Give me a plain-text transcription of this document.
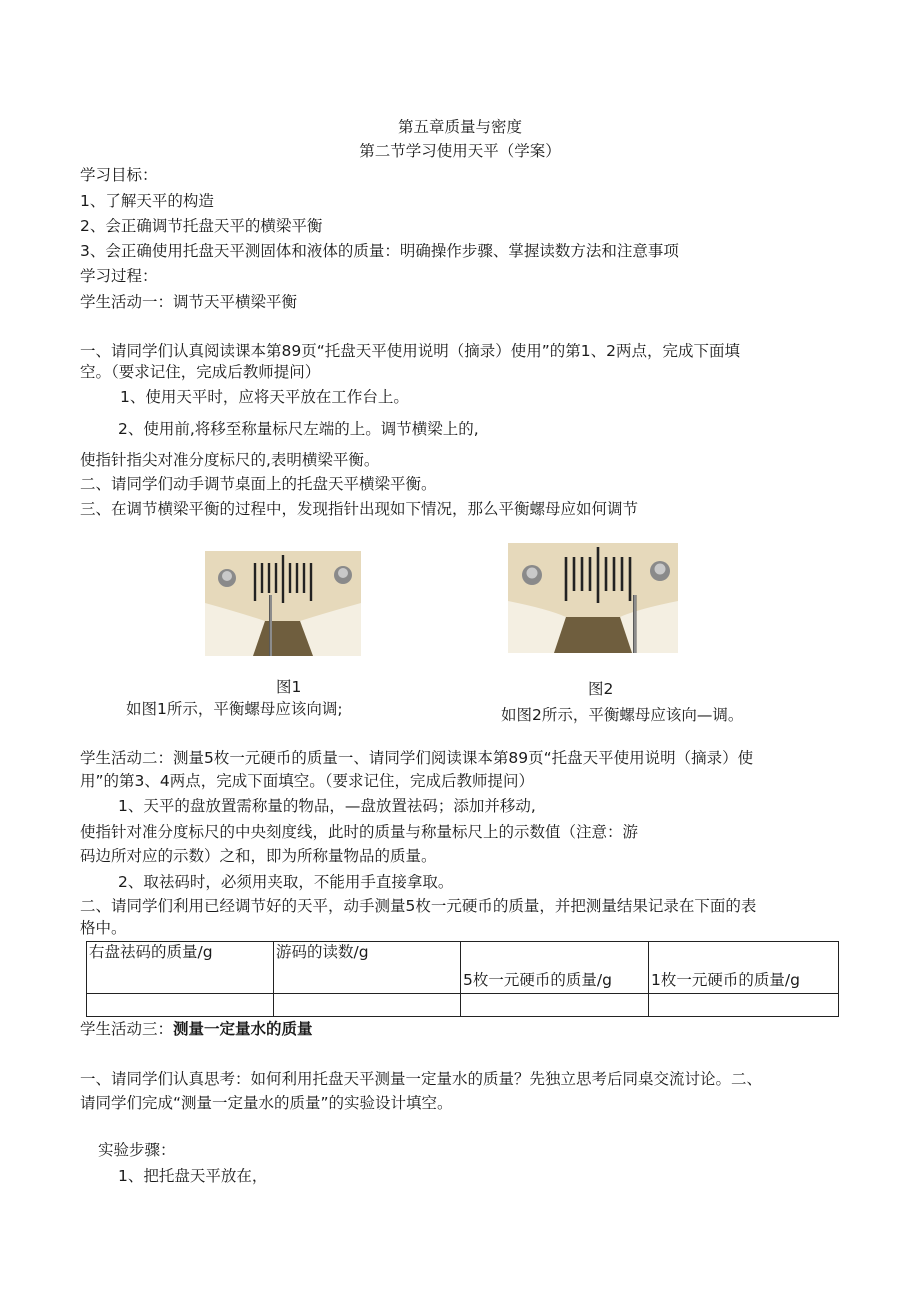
第五章质量与密度
第二节学习使用天平（学案）
学习目标：
1、了解天平的构造
2、会正确调节托盘天平的横梁平衡
3、会正确使用托盘天平测固体和液体的质量：明确操作步骤、掌握读数方法和注意事项
学习过程：
学生活动一：调节天平横梁平衡
一、请同学们认真阅读课本第89页“托盘天平使用说明（摘录）使用”的第1、2两点，完成下面填
空。（要求记住，完成后教师提问）
1、使用天平时，应将天平放在工作台上。
2、使用前,将移至称量标尺左端的上。调节横梁上的,
使指针指尖对准分度标尺的,表明横梁平衡。
二、请同学们动手调节桌面上的托盘天平横梁平衡。
三、在调节横梁平衡的过程中，发现指针出现如下情况，那么平衡螺母应如何调节
图1
如图1所示，平衡螺母应该向调;
图2
如图2所示，平衡螺母应该向—调。
学生活动二：测量5枚一元硬币的质量一、请同学们阅读课本第89页“托盘天平使用说明（摘录）使
用”的第3、4两点，完成下面填空。（要求记住，完成后教师提问）
1、天平的盘放置需称量的物品，—盘放置祛码；添加并移动,
使指针对准分度标尺的中央刻度线，此时的质量与称量标尺上的示数值（注意：游
码边所对应的示数）之和，即为所称量物品的质量。
2、取祛码时，必须用夹取，不能用手直接拿取。
二、请同学们利用已经调节好的天平，动手测量5枚一元硬币的质量，并把测量结果记录在下面的表
格中。
右盘祛码的质量/g	游码的读数/g	5枚一元硬币的质量/g	1枚一元硬币的质量/g

学生活动三：测量一定量水的质量
一、请同学们认真思考：如何利用托盘天平测量一定量水的质量？先独立思考后同桌交流讨论。二、
请同学们完成“测量一定量水的质量”的实验设计填空。
实验步骤：
1、把托盘天平放在，
